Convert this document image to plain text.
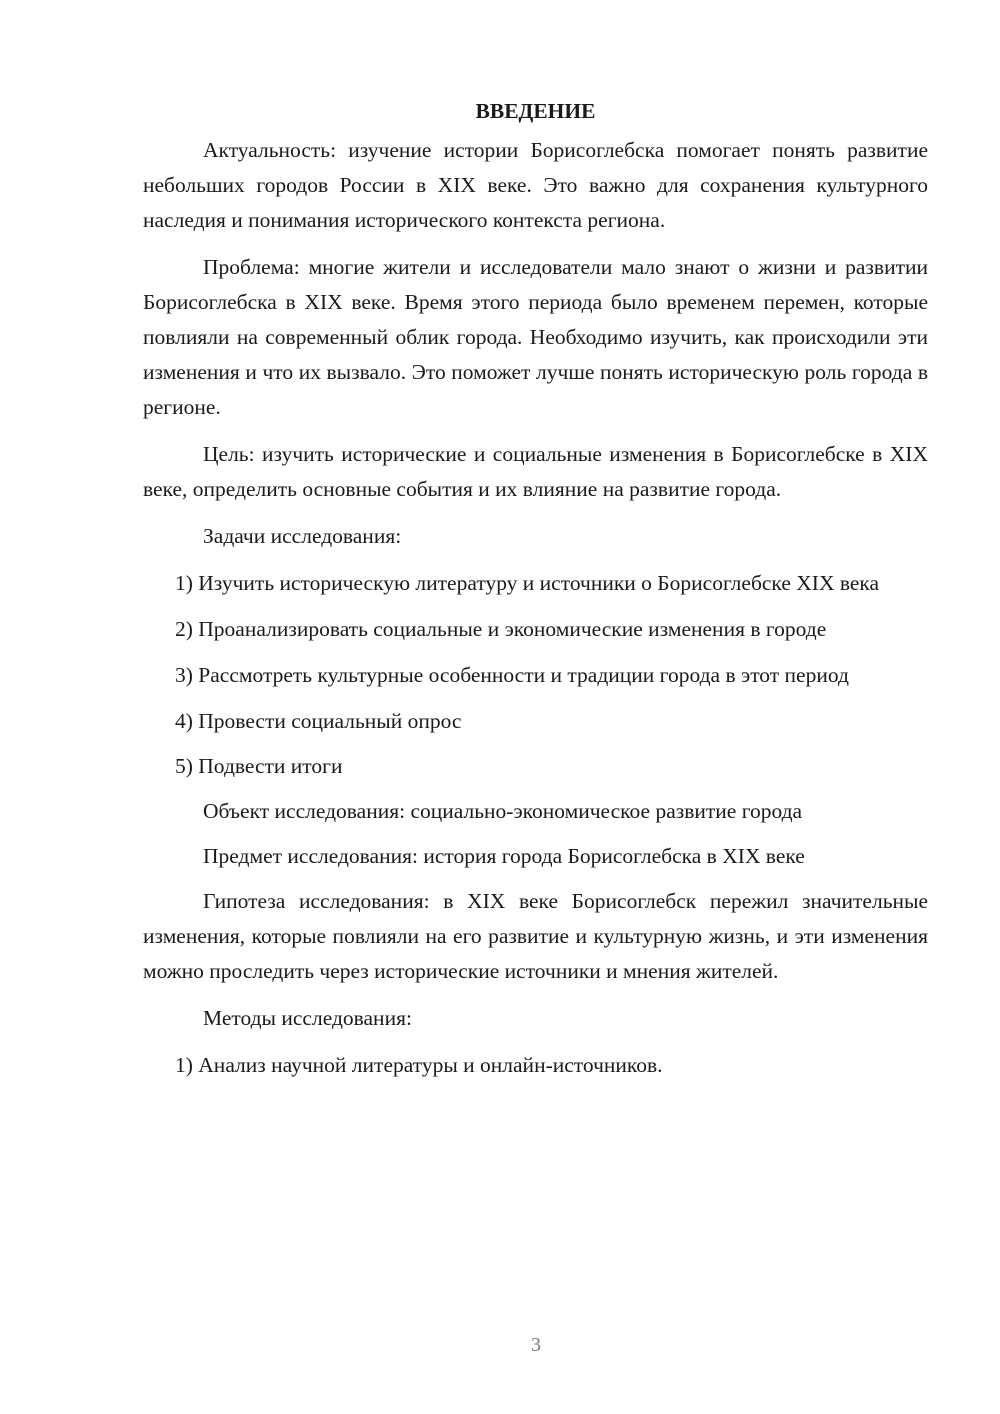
ВВЕДЕНИЕ

Актуальность: изучение истории Борисоглебска помогает понять развитие небольших городов России в XIX веке. Это важно для сохранения культурного наследия и понимания исторического контекста региона.

Проблема: многие жители и исследователи мало знают о жизни и развитии Борисоглебска в XIX веке. Время этого периода было временем перемен, которые повлияли на современный облик города. Необходимо изучить, как происходили эти изменения и что их вызвало. Это поможет лучше понять историческую роль города в регионе.

Цель: изучить исторические и социальные изменения в Борисоглебске в XIX веке, определить основные события и их влияние на развитие города.

Задачи исследования:

1) Изучить историческую литературу и источники о Борисоглебске XIX века

2) Проанализировать социальные и экономические изменения в городе

3) Рассмотреть культурные особенности и традиции города в этот период

4) Провести социальный опрос

5) Подвести итоги

Объект исследования: социально-экономическое развитие города

Предмет исследования: история города Борисоглебска в XIX веке

Гипотеза исследования: в XIX веке Борисоглебск пережил значительные изменения, которые повлияли на его развитие и культурную жизнь, и эти изменения можно проследить через исторические источники и мнения жителей.

Методы исследования:

1) Анализ научной литературы и онлайн-источников.

3
